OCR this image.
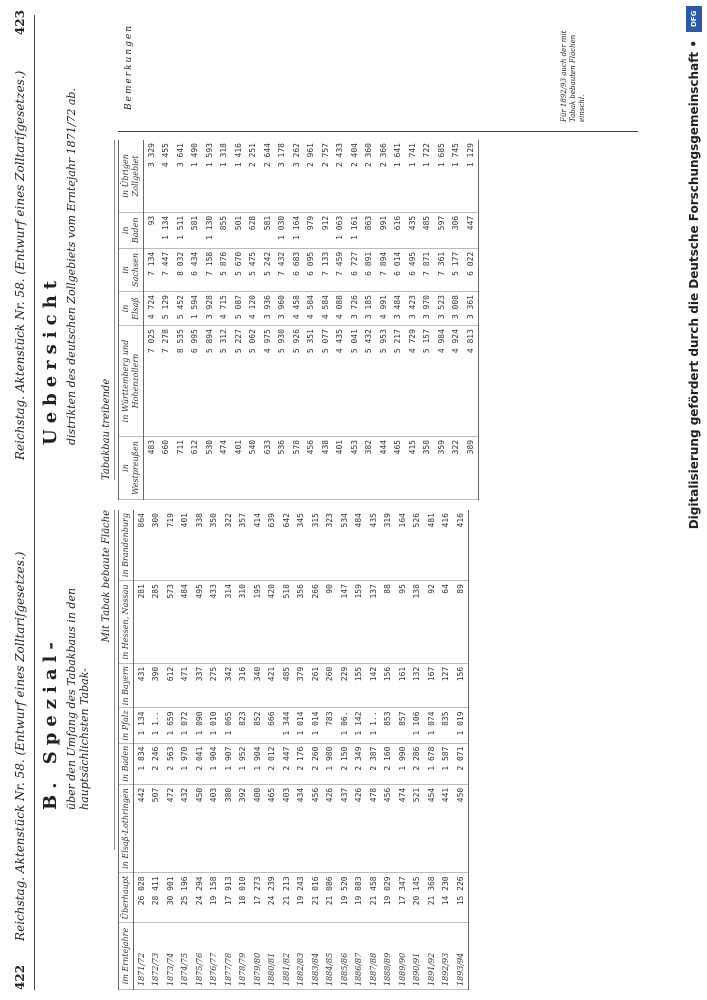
422
Reichstag. Aktenstück Nr. 58. (Entwurf eines Zolltarifgesetzes.)
Reichstag. Aktenstück Nr. 58. (Entwurf eines Zolltarifgesetzes.)
423
B. Spezial- über den Umfang des Tabakbaus in den hauptsächlichsten Tabak-
Uebersicht distrikten des deutschen Zollgebiets vom Erntejahr 1871/72 ab.
Mit Tabak bebaute Fläche
Tabakbau treibende
im Erntejahre	Überhaupt	in Elsaß-Lothringen	in Baden	in Pfalz	in Bayern	in Hessen, Nassau	in Brandenburg
1871/72	26 028	442	1 834	1 134	431	281	864
1872/73	28 411	507	2 246	1 1..	390	285	300
1873/74	30 901	472	2 563	1 659	612	573	719
1874/75	25 196	432	1 970	1 072	471	484	401
1875/76	24 294	450	2 041	1 090	337	495	338
1876/77	19 158	403	1 904	1 010	275	433	350
1877/78	17 913	380	1 907	1 065	342	314	322
1878/79	18 010	392	1 952	823	316	310	357
1879/80	17 273	400	1 904	852	340	195	414
1880/81	24 239	465	2 012	666	421	420	639
1881/82	21 213	403	2 447	1 344	485	518	642
1882/83	19 243	434	2 176	1 014	379	356	345
1883/84	21 016	456	2 260	1 014	261	266	315
1884/85	21 086	426	1 980	783	260	90	323
1885/86	19 520	437	2 150	1 06.	229	147	534
1886/87	19 883	426	2 349	1 142	155	159	484
1887/88	21 458	478	2 387	1 1..	142	137	435
1888/89	19 029	456	2 160	853	156	88	319
1889/90	17 347	474	1 990	857	161	95	164
1890/91	20 145	521	2 286	1 106	132	138	526
1891/92	21 368	454	1 678	1 074	167	92	481
1892/93	14 230	441	1 587	835	127	64	416
1893/94	15 226	450	2 071	1 019	156	89	416
in Westpreußen	in Württemberg und Hohenzollern	in Elsaß	in Sachsen	in Baden	in Übrigen Zollgebiet
483	7 025	4 724	7 134	93	3 329
660	7 278	5 129	7 447	1 134	4 455
711	8 535	5 452	8 032	1 511	3 641
612	6 995	1 594	6 434	581	1 490
530	5 894	3 928	7 158	1 130	1 593
474	5 312	4 715	5 876	855	1 318
401	5 227	5 087	5 670	501	1 416
540	5 062	4 120	5 475	628	2 251
633	4 975	3 936	5 242	581	2 644
536	5 930	3 960	7 432	1 030	3 178
578	5 926	4 458	6 683	1 164	3 262
456	5 351	4 584	6 095	979	2 961
438	5 077	4 584	7 133	912	2 757
401	4 435	4 088	7 459	1 063	2 433
453	5 041	3 726	6 727	1 161	2 404
382	5 432	3 185	6 891	863	2 360
444	5 953	4 991	7 894	991	2 366
465	5 217	3 484	6 014	616	1 641
415	4 729	3 423	6 495	435	1 741
358	5 157	3 970	7 871	485	1 722
359	4 984	3 523	7 361	597	1 685
322	4 924	3 008	5 177	306	1 745
389	4 813	3 361	6 022	447	1 129
Bemerkungen	Für 1892/93 auch der mit Tabak bebauten Flächen einschl.	Digitalisierung gefördert durch die Deutsche Forschungsgemeinschaft •
DFG
